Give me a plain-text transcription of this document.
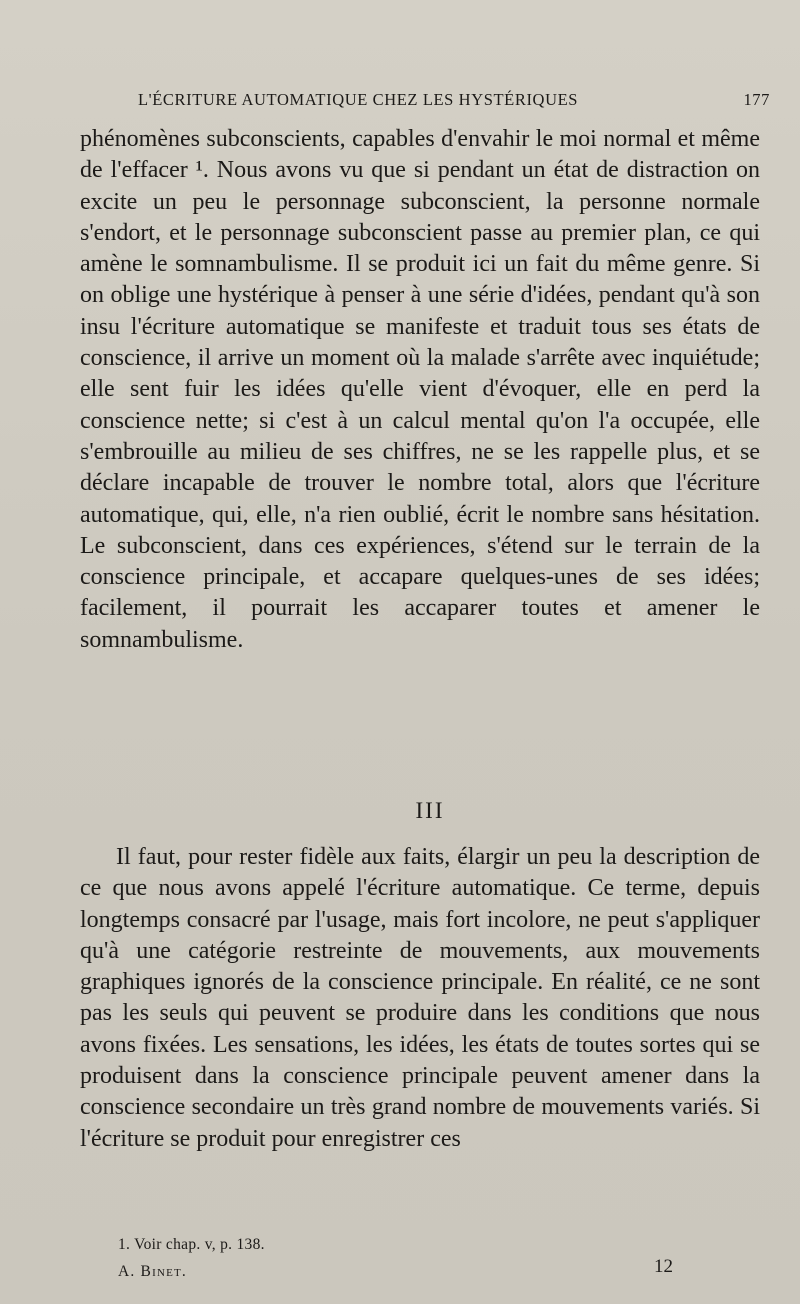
L'ÉCRITURE AUTOMATIQUE CHEZ LES HYSTÉRIQUES	177
phénomènes subconscients, capables d'envahir le moi normal et même de l'effacer ¹. Nous avons vu que si pendant un état de distraction on excite un peu le personnage subconscient, la personne normale s'endort, et le personnage subconscient passe au premier plan, ce qui amène le somnambulisme. Il se produit ici un fait du même genre. Si on oblige une hystérique à penser à une série d'idées, pendant qu'à son insu l'écriture automatique se manifeste et traduit tous ses états de conscience, il arrive un moment où la malade s'arrête avec inquiétude; elle sent fuir les idées qu'elle vient d'évoquer, elle en perd la conscience nette; si c'est à un calcul mental qu'on l'a occupée, elle s'embrouille au milieu de ses chiffres, ne se les rappelle plus, et se déclare incapable de trouver le nombre total, alors que l'écriture automatique, qui, elle, n'a rien oublié, écrit le nombre sans hésitation. Le subconscient, dans ces expériences, s'étend sur le terrain de la conscience principale, et accapare quelques-unes de ses idées; facilement, il pourrait les accaparer toutes et amener le somnambulisme.
III
Il faut, pour rester fidèle aux faits, élargir un peu la description de ce que nous avons appelé l'écriture automatique. Ce terme, depuis longtemps consacré par l'usage, mais fort incolore, ne peut s'appliquer qu'à une catégorie restreinte de mouvements, aux mouvements graphiques ignorés de la conscience principale. En réalité, ce ne sont pas les seuls qui peuvent se produire dans les conditions que nous avons fixées. Les sensations, les idées, les états de toutes sortes qui se produisent dans la conscience principale peuvent amener dans la conscience secondaire un très grand nombre de mouvements variés. Si l'écriture se produit pour enregistrer ces
1. Voir chap. v, p. 138.
A. Binet.	12
